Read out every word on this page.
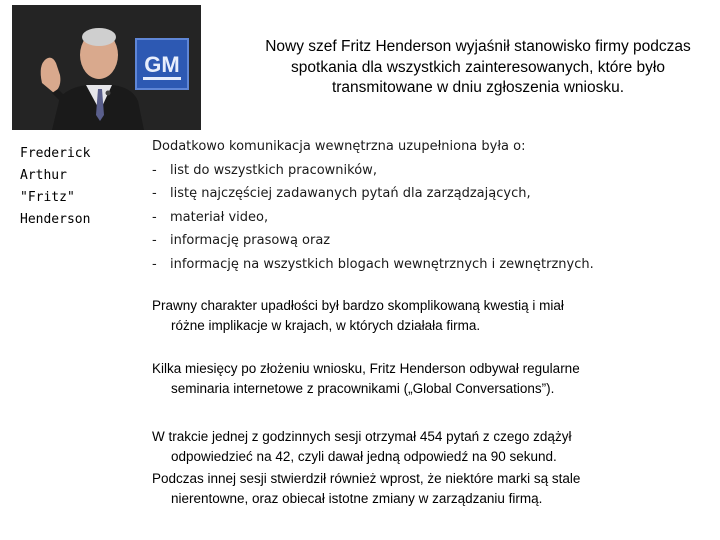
GM
Frederick
Arthur
"Fritz"
Henderson
Nowy szef Fritz Henderson wyjaśnił stanowisko firmy podczas spotkania dla wszystkich zainteresowanych, które było transmitowane w dniu zgłoszenia wniosku.
Dodatkowo komunikacja wewnętrzna uzupełniona była o:
- list do wszystkich pracowników,
- listę najczęściej zadawanych pytań dla zarządzających,
- materiał video,
- informację prasową oraz
- informację na wszystkich blogach wewnętrznych i zewnętrznych.
Prawny charakter upadłości był bardzo skomplikowaną kwestią i miał
różne implikacje w krajach, w których działała firma.
Kilka miesięcy po złożeniu wniosku, Fritz Henderson odbywał regularne
seminaria internetowe z pracownikami („Global Conversations”).
W trakcie jednej z godzinnych sesji otrzymał 454 pytań z czego zdążył
odpowiedzieć na 42, czyli dawał jedną odpowiedź na 90 sekund.
Podczas innej sesji stwierdził również wprost, że niektóre marki są stale
nierentowne, oraz obiecał istotne zmiany w zarządzaniu firmą.
